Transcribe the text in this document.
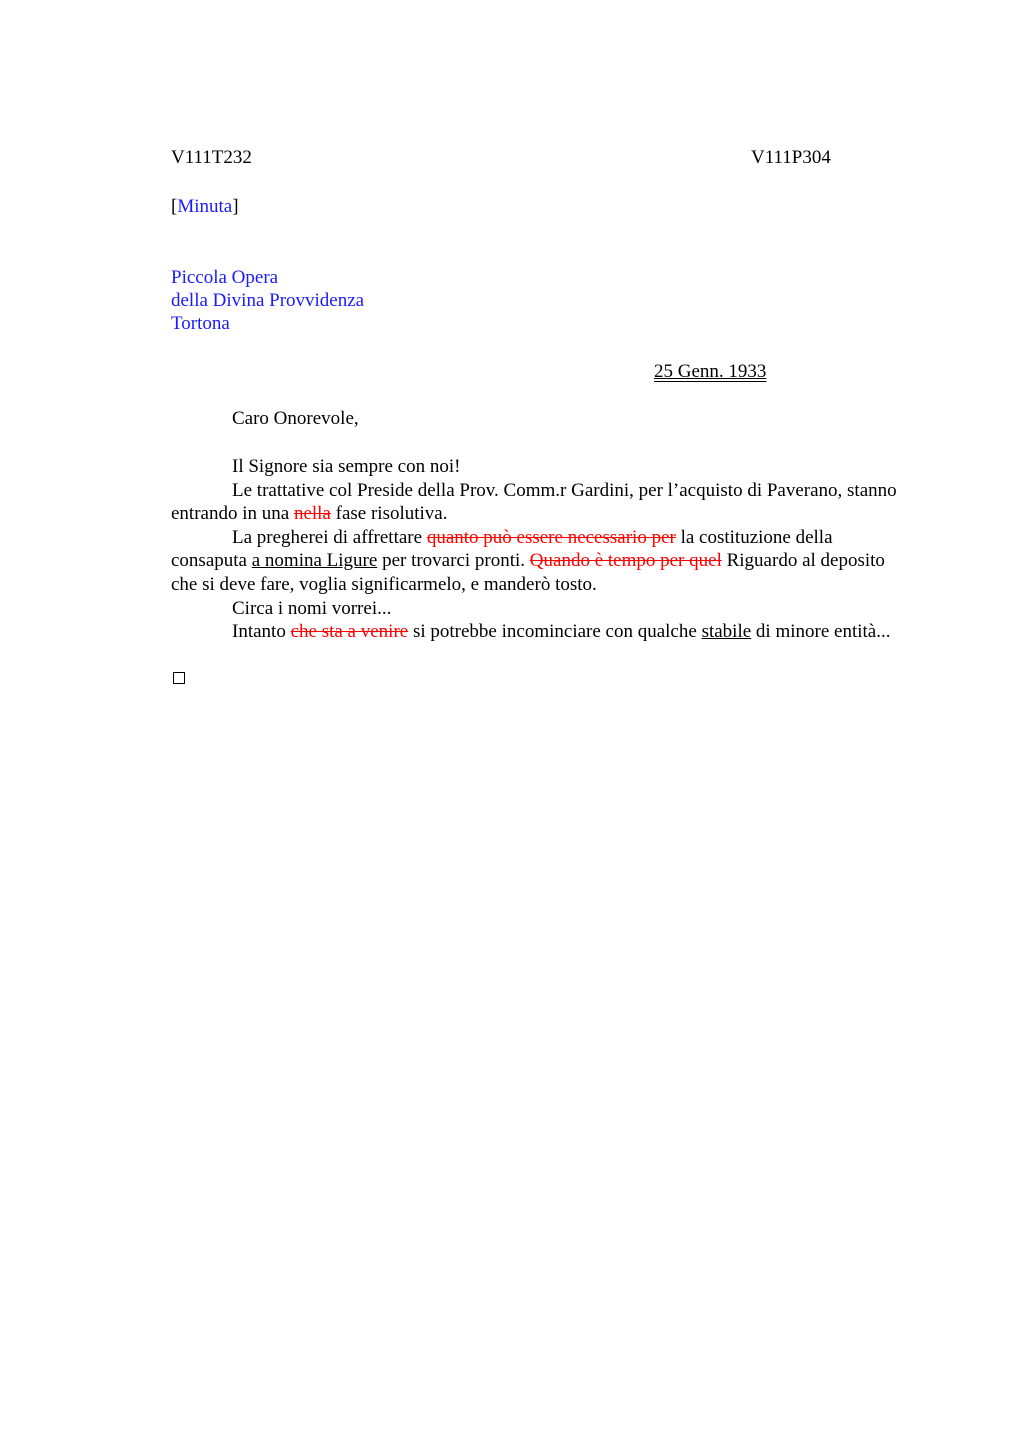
V111T232	V111P304
[Minuta]
Piccola Opera
della Divina Provvidenza
Tortona
25 Genn. 1933
Caro Onorevole,

Il Signore sia sempre con noi!

Le trattative col Preside della Prov. Comm.r Gardini, per l’acquisto di Paverano, stanno entrando in una nella fase risolutiva.

La pregherei di affrettare quanto può essere necessario per la costituzione della consaputa a nomina Ligure per trovarci pronti. Quando è tempo per quel Riguardo al deposito che si deve fare, voglia significarmelo, e manderò tosto.

Circa i nomi vorrei...

Intanto che sta a venire si potrebbe incominciare con qualche stabile di minore entità...
